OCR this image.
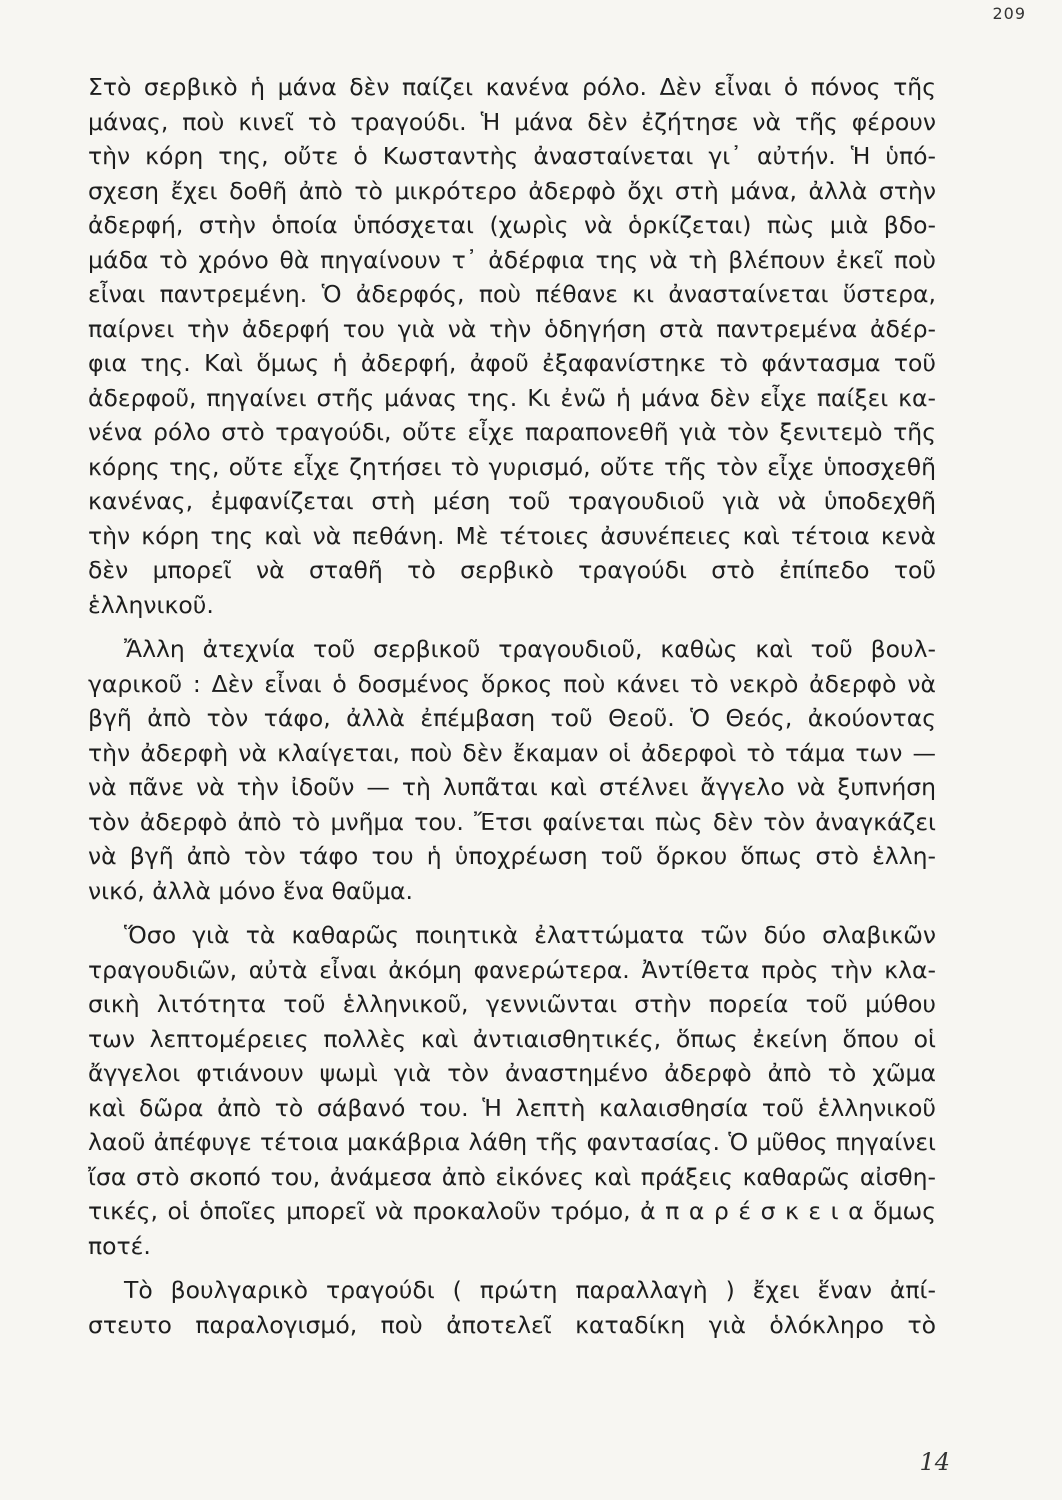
209
Στὸ σερβικὸ ἡ μάνα δὲν παίζει κανένα ρόλο. Δὲν εἶναι ὁ πόνος τῆς
μάνας, ποὺ κινεῖ τὸ τραγούδι. Ἡ μάνα δὲν ἐζήτησε νὰ τῆς φέρουν
τὴν κόρη της, οὔτε ὁ Κωσταντὴς ἀνασταίνεται γι᾽ αὐτήν. Ἡ ὑπό-
σχεση ἔχει δοθῆ ἀπὸ τὸ μικρότερο ἀδερφὸ ὄχι στὴ μάνα, ἀλλὰ στὴν
ἀδερφή, στὴν ὁποία ὑπόσχεται (χωρὶς νὰ ὁρκίζεται) πὼς μιὰ βδο-
μάδα τὸ χρόνο θὰ πηγαίνουν τ᾽ ἀδέρφια της νὰ τὴ βλέπουν ἐκεῖ ποὺ
εἶναι παντρεμένη. Ὁ ἀδερφός, ποὺ πέθανε κι ἀνασταίνεται ὕστερα,
παίρνει τὴν ἀδερφή του γιὰ νὰ τὴν ὁδηγήση στὰ παντρεμένα ἀδέρ-
φια της. Καὶ ὅμως ἡ ἀδερφή, ἀφοῦ ἐξαφανίστηκε τὸ φάντασμα τοῦ
ἀδερφοῦ, πηγαίνει στῆς μάνας της. Κι ἐνῶ ἡ μάνα δὲν εἶχε παίξει κα-
νένα ρόλο στὸ τραγούδι, οὔτε εἶχε παραπονεθῆ γιὰ τὸν ξενιτεμὸ τῆς
κόρης της, οὔτε εἶχε ζητήσει τὸ γυρισμό, οὔτε τῆς τὸν εἶχε ὑποσχεθῆ
κανένας, ἐμφανίζεται στὴ μέση τοῦ τραγουδιοῦ γιὰ νὰ ὑποδεχθῆ
τὴν κόρη της καὶ νὰ πεθάνη. Μὲ τέτοιες ἀσυνέπειες καὶ τέτοια κενὰ
δὲν μπορεῖ νὰ σταθῆ τὸ σερβικὸ τραγούδι στὸ ἐπίπεδο τοῦ
ἑλληνικοῦ.
Ἄλλη ἀτεχνία τοῦ σερβικοῦ τραγουδιοῦ, καθὼς καὶ τοῦ βουλ-
γαρικοῦ : Δὲν εἶναι ὁ δοσμένος ὅρκος ποὺ κάνει τὸ νεκρὸ ἀδερφὸ νὰ
βγῆ ἀπὸ τὸν τάφο, ἀλλὰ ἐπέμβαση τοῦ Θεοῦ. Ὁ Θεός, ἀκούοντας
τὴν ἀδερφὴ νὰ κλαίγεται, ποὺ δὲν ἔκαμαν οἱ ἀδερφοὶ τὸ τάμα των —
νὰ πᾶνε νὰ τὴν ἰδοῦν — τὴ λυπᾶται καὶ στέλνει ἄγγελο νὰ ξυπνήση
τὸν ἀδερφὸ ἀπὸ τὸ μνῆμα του. Ἔτσι φαίνεται πὼς δὲν τὸν ἀναγκάζει
νὰ βγῆ ἀπὸ τὸν τάφο του ἡ ὑποχρέωση τοῦ ὅρκου ὅπως στὸ ἑλλη-
νικό, ἀλλὰ μόνο ἕνα θαῦμα.
Ὅσο γιὰ τὰ καθαρῶς ποιητικὰ ἐλαττώματα τῶν δύο σλαβικῶν
τραγουδιῶν, αὐτὰ εἶναι ἀκόμη φανερώτερα. Ἀντίθετα πρὸς τὴν κλα-
σικὴ λιτότητα τοῦ ἑλληνικοῦ, γεννιῶνται στὴν πορεία τοῦ μύθου
των λεπτομέρειες πολλὲς καὶ ἀντιαισθητικές, ὅπως ἐκείνη ὅπου οἱ
ἄγγελοι φτιάνουν ψωμὶ γιὰ τὸν ἀναστημένο ἀδερφὸ ἀπὸ τὸ χῶμα
καὶ δῶρα ἀπὸ τὸ σάβανό του. Ἡ λεπτὴ καλαισθησία τοῦ ἑλληνικοῦ
λαοῦ ἀπέφυγε τέτοια μακάβρια λάθη τῆς φαντασίας. Ὁ μῦθος πηγαίνει
ἴσα στὸ σκοπό του, ἀνάμεσα ἀπὸ εἰκόνες καὶ πράξεις καθαρῶς αἰσθη-
τικές, οἱ ὁποῖες μπορεῖ νὰ προκαλοῦν τρόμο, ἀ π α ρ έ σ κ ε ι α ὅμως
ποτέ.
Τὸ βουλγαρικὸ τραγούδι ( πρώτη παραλλαγὴ ) ἔχει ἕναν ἀπί-
στευτο παραλογισμό, ποὺ ἀποτελεῖ καταδίκη γιὰ ὁλόκληρο τὸ
14
